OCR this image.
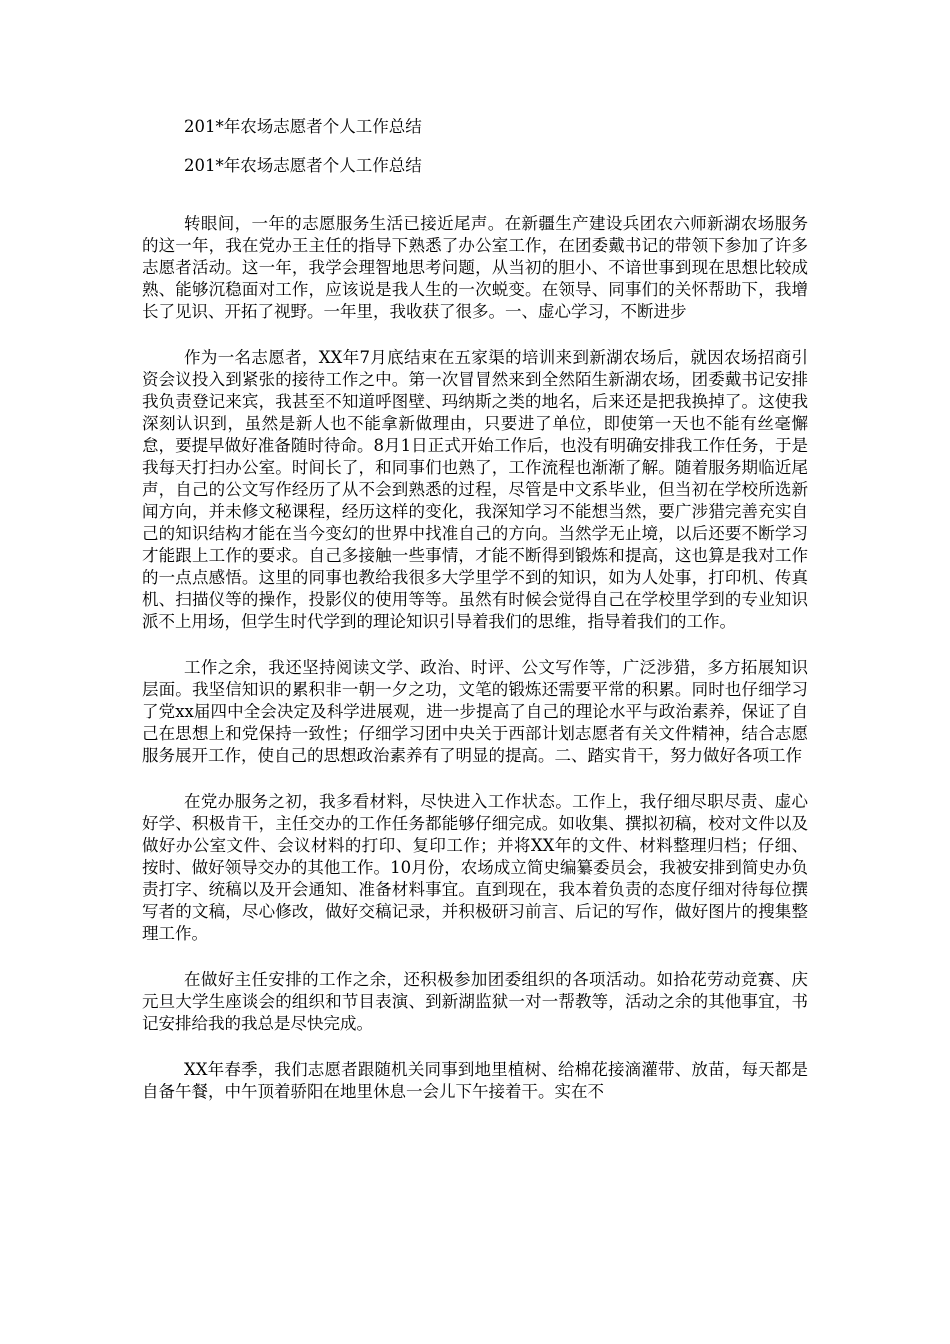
201*年农场志愿者个人工作总结
201*年农场志愿者个人工作总结

转眼间，一年的志愿服务生活已接近尾声。在新疆生产建设兵团农六师新湖农场服务的这一年，我在党办王主任的指导下熟悉了办公室工作，在团委戴书记的带领下参加了许多志愿者活动。这一年，我学会理智地思考问题，从当初的胆小、不谙世事到现在思想比较成熟、能够沉稳面对工作，应该说是我人生的一次蜕变。在领导、同事们的关怀帮助下，我增长了见识、开拓了视野。一年里，我收获了很多。一、虚心学习，不断进步

作为一名志愿者，XX年7月底结束在五家渠的培训来到新湖农场后，就因农场招商引资会议投入到紧张的接待工作之中。第一次冒冒然来到全然陌生新湖农场，团委戴书记安排我负责登记来宾，我甚至不知道呼图壁、玛纳斯之类的地名，后来还是把我换掉了。这使我深刻认识到，虽然是新人也不能拿新做理由，只要进了单位，即使第一天也不能有丝毫懈怠，要提早做好准备随时待命。8月1日正式开始工作后，也没有明确安排我工作任务，于是我每天打扫办公室。时间长了，和同事们也熟了，工作流程也渐渐了解。随着服务期临近尾声，自己的公文写作经历了从不会到熟悉的过程，尽管是中文系毕业，但当初在学校所选新闻方向，并未修文秘课程，经历这样的变化，我深知学习不能想当然，要广涉猎完善充实自己的知识结构才能在当今变幻的世界中找准自己的方向。当然学无止境，以后还要不断学习才能跟上工作的要求。自己多接触一些事情，才能不断得到锻炼和提高，这也算是我对工作的一点点感悟。这里的同事也教给我很多大学里学不到的知识，如为人处事，打印机、传真机、扫描仪等的操作，投影仪的使用等等。虽然有时候会觉得自己在学校里学到的专业知识派不上用场，但学生时代学到的理论知识引导着我们的思维，指导着我们的工作。

工作之余，我还坚持阅读文学、政治、时评、公文写作等，广泛涉猎，多方拓展知识层面。我坚信知识的累积非一朝一夕之功，文笔的锻炼还需要平常的积累。同时也仔细学习了党xx届四中全会决定及科学进展观，进一步提高了自己的理论水平与政治素养，保证了自己在思想上和党保持一致性；仔细学习团中央关于西部计划志愿者有关文件精神，结合志愿服务展开工作，使自己的思想政治素养有了明显的提高。二、踏实肯干，努力做好各项工作

在党办服务之初，我多看材料，尽快进入工作状态。工作上，我仔细尽职尽责、虚心好学、积极肯干，主任交办的工作任务都能够仔细完成。如收集、撰拟初稿，校对文件以及做好办公室文件、会议材料的打印、复印工作；并将XX年的文件、材料整理归档；仔细、按时、做好领导交办的其他工作。10月份，农场成立简史编纂委员会，我被安排到简史办负责打字、统稿以及开会通知、准备材料事宜。直到现在，我本着负责的态度仔细对待每位撰写者的文稿，尽心修改，做好交稿记录，并积极研习前言、后记的写作，做好图片的搜集整理工作。

在做好主任安排的工作之余，还积极参加团委组织的各项活动。如拾花劳动竞赛、庆元旦大学生座谈会的组织和节目表演、到新湖监狱一对一帮教等，活动之余的其他事宜，书记安排给我的我总是尽快完成。

XX年春季，我们志愿者跟随机关同事到地里植树、给棉花接滴灌带、放苗，每天都是自备午餐，中午顶着骄阳在地里休息一会儿下午接着干。实在不
